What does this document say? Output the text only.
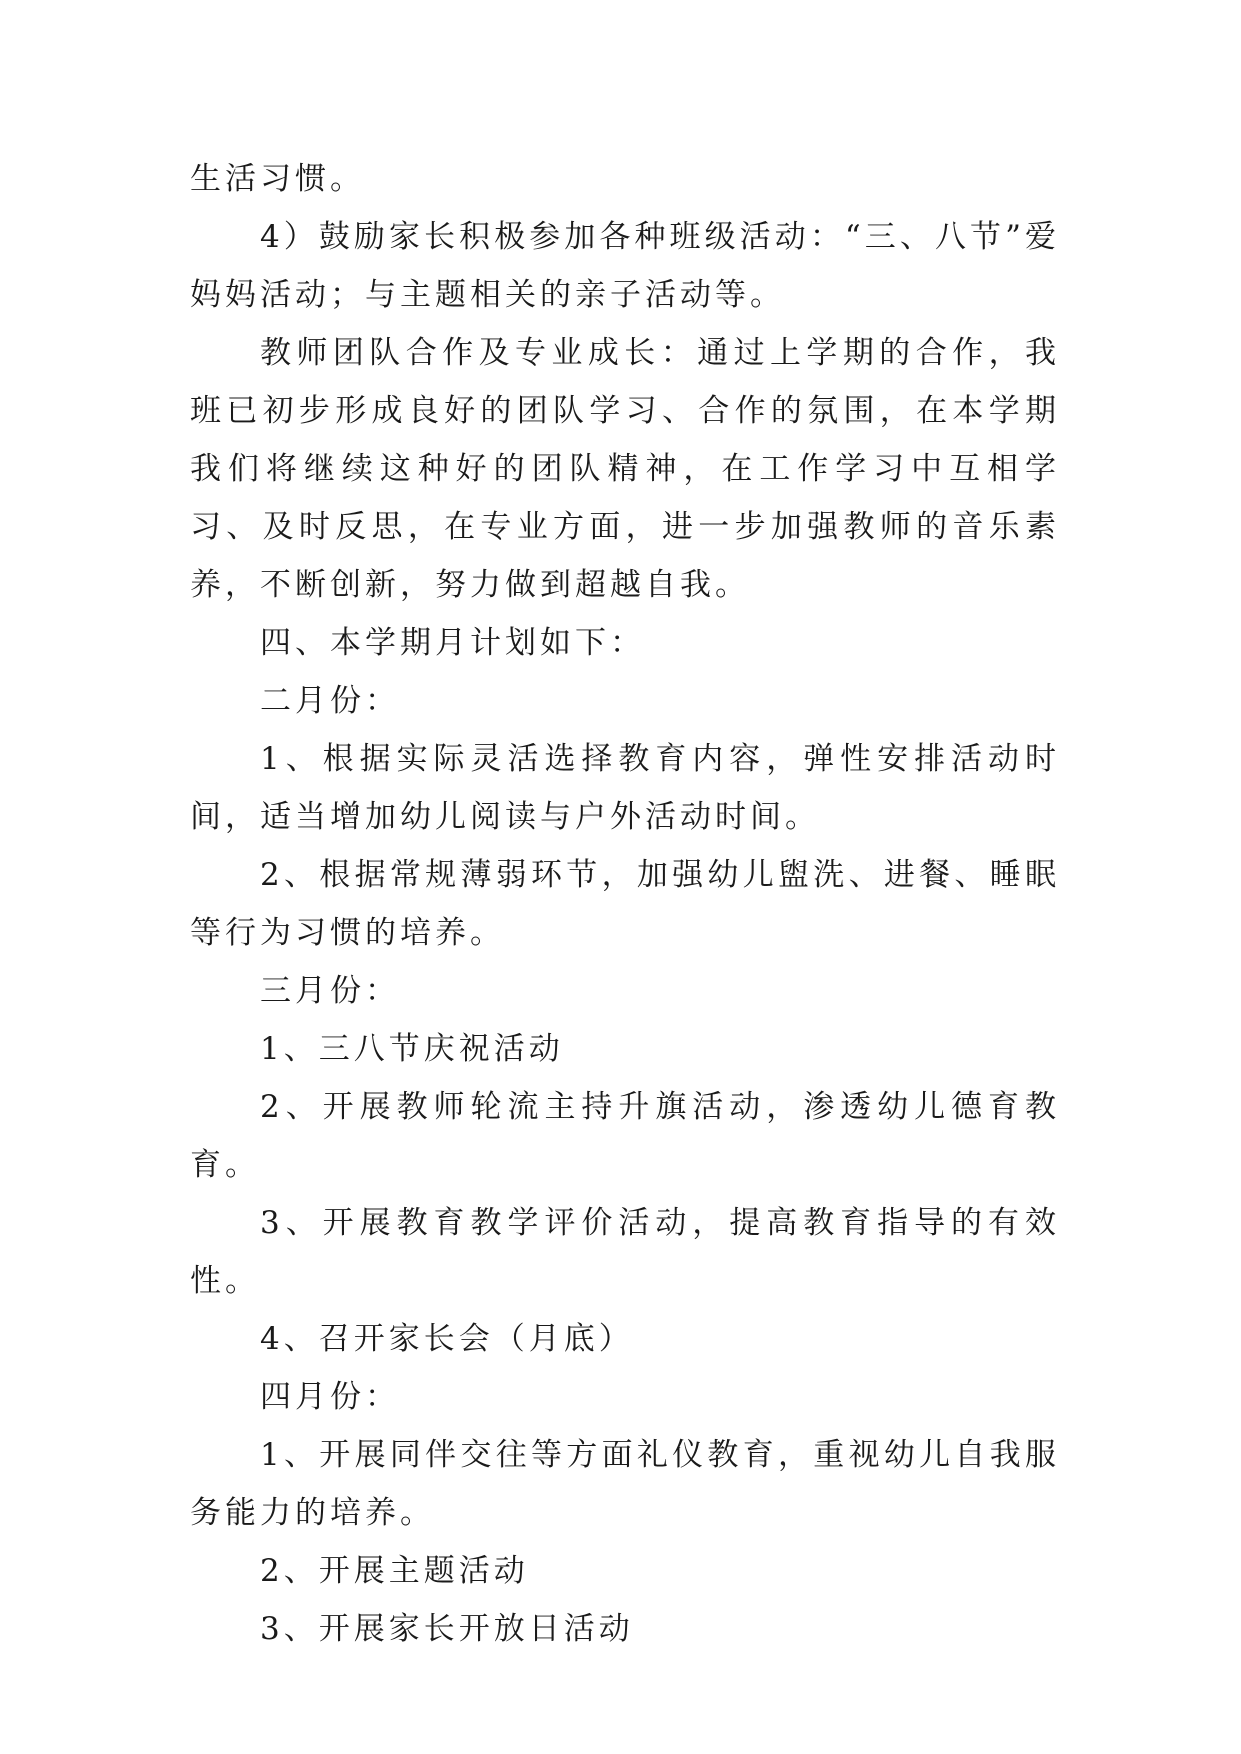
生活习惯。

4）鼓励家长积极参加各种班级活动：“三、八节”爱妈妈活动；与主题相关的亲子活动等。

教师团队合作及专业成长：通过上学期的合作，我班已初步形成良好的团队学习、合作的氛围，在本学期我们将继续这种好的团队精神，在工作学习中互相学习、及时反思，在专业方面，进一步加强教师的音乐素养，不断创新，努力做到超越自我。

四、本学期月计划如下：

二月份：

1、根据实际灵活选择教育内容，弹性安排活动时间，适当增加幼儿阅读与户外活动时间。

2、根据常规薄弱环节，加强幼儿盥洗、进餐、睡眠等行为习惯的培养。

三月份：

1、三八节庆祝活动

2、开展教师轮流主持升旗活动，渗透幼儿德育教育。

3、开展教育教学评价活动，提高教育指导的有效性。

4、召开家长会（月底）

四月份：

1、开展同伴交往等方面礼仪教育，重视幼儿自我服务能力的培养。

2、开展主题活动

3、开展家长开放日活动
